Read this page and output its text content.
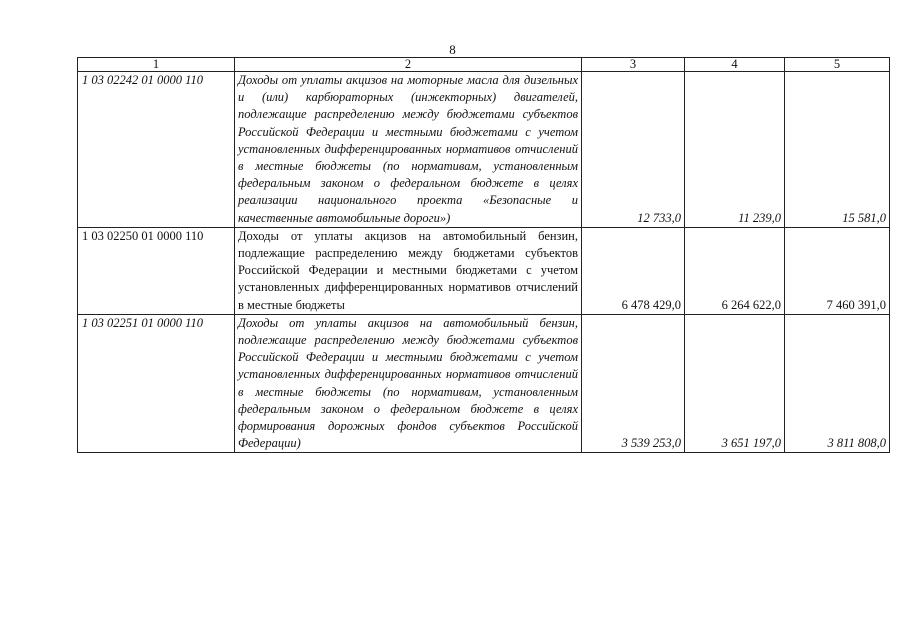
8
1	2	3	4	5
1 03 02242 01 0000 110	Доходы от уплаты акцизов на моторные масла для дизельных и (или) карбюраторных (инжекторных) двигателей, подлежащие распределению между бюджетами субъектов Российской Федерации и местными бюджетами с учетом установленных дифференцированных нормативов отчислений в местные бюджеты (по нормативам, установленным федеральным законом о федеральном бюджете в целях реализации национального проекта «Безопасные и качественные автомобильные дороги»)	12 733,0	11 239,0	15 581,0
1 03 02250 01 0000 110	Доходы от уплаты акцизов на автомобильный бензин, подлежащие распределению между бюджетами субъектов Российской Федерации и местными бюджетами с учетом установленных дифференцированных нормативов отчислений в местные бюджеты	6 478 429,0	6 264 622,0	7 460 391,0
1 03 02251 01 0000 110	Доходы от уплаты акцизов на автомобильный бензин, подлежащие распределению между бюджетами субъектов Российской Федерации и местными бюджетами с учетом установленных дифференцированных нормативов отчислений в местные бюджеты (по нормативам, установленным федеральным законом о федеральном бюджете в целях формирования дорожных фондов субъектов Российской Федерации)	3 539 253,0	3 651 197,0	3 811 808,0
